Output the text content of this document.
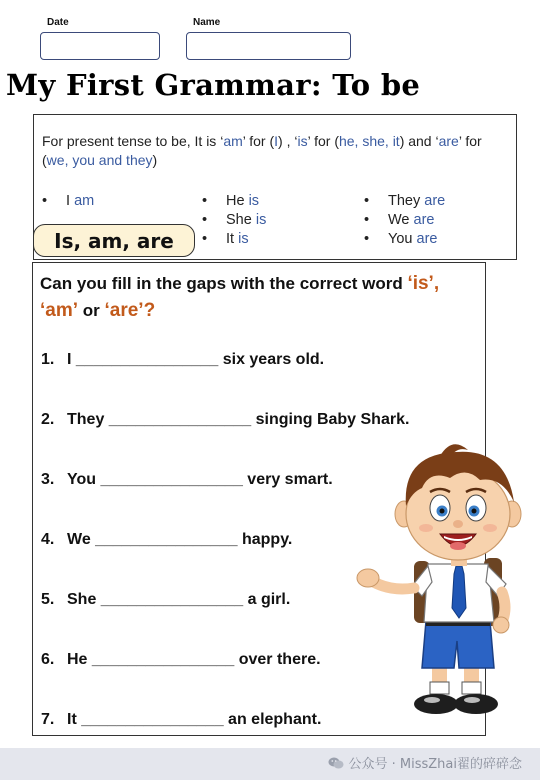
Date	Name
My First Grammar: To be
For present tense to be, It is ‘am’ for (I) , ‘is’ for (he, she, it) and ‘are’ for (we, you and they)
• I am
•	He is
• She is
• It is
• They are
• We are
• You are
Is, am, are
Can you fill in the gaps with the correct word ‘is’,
‘am’ or ‘are’?
1. I ________________ six years old.
2. They ________________ singing Baby Shark.
3. You ________________ very smart.
4. We ________________ happy.
5. She ________________ a girl.
6. He ________________ over there.
7. It ________________ an elephant.
公众号 · MissZhai翟的碎碎念
